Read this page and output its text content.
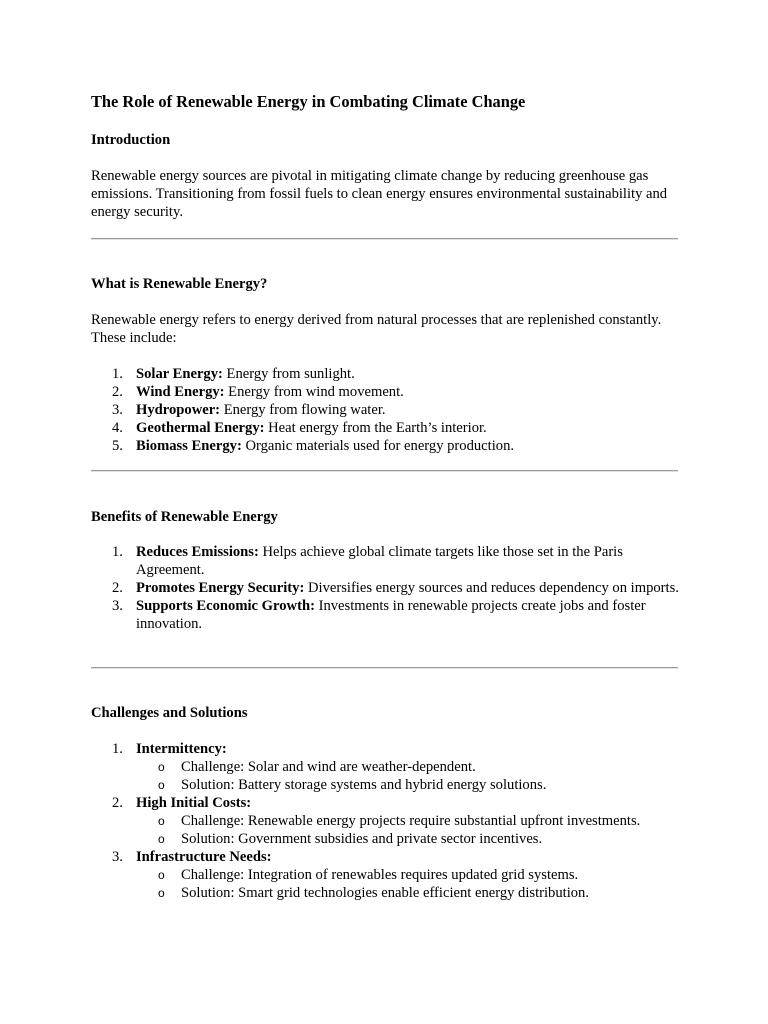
The Role of Renewable Energy in Combating Climate Change
Introduction
Renewable energy sources are pivotal in mitigating climate change by reducing greenhouse gas emissions. Transitioning from fossil fuels to clean energy ensures environmental sustainability and energy security.
What is Renewable Energy?
Renewable energy refers to energy derived from natural processes that are replenished constantly. These include:
1. Solar Energy: Energy from sunlight.
2. Wind Energy: Energy from wind movement.
3. Hydropower: Energy from flowing water.
4. Geothermal Energy: Heat energy from the Earth’s interior.
5. Biomass Energy: Organic materials used for energy production.
Benefits of Renewable Energy
1. Reduces Emissions: Helps achieve global climate targets like those set in the Paris Agreement.
2. Promotes Energy Security: Diversifies energy sources and reduces dependency on imports.
3. Supports Economic Growth: Investments in renewable projects create jobs and foster innovation.
Challenges and Solutions
1. Intermittency:
o Challenge: Solar and wind are weather-dependent.
o Solution: Battery storage systems and hybrid energy solutions.
2. High Initial Costs:
o Challenge: Renewable energy projects require substantial upfront investments.
o Solution: Government subsidies and private sector incentives.
3. Infrastructure Needs:
o Challenge: Integration of renewables requires updated grid systems.
o Solution: Smart grid technologies enable efficient energy distribution.
